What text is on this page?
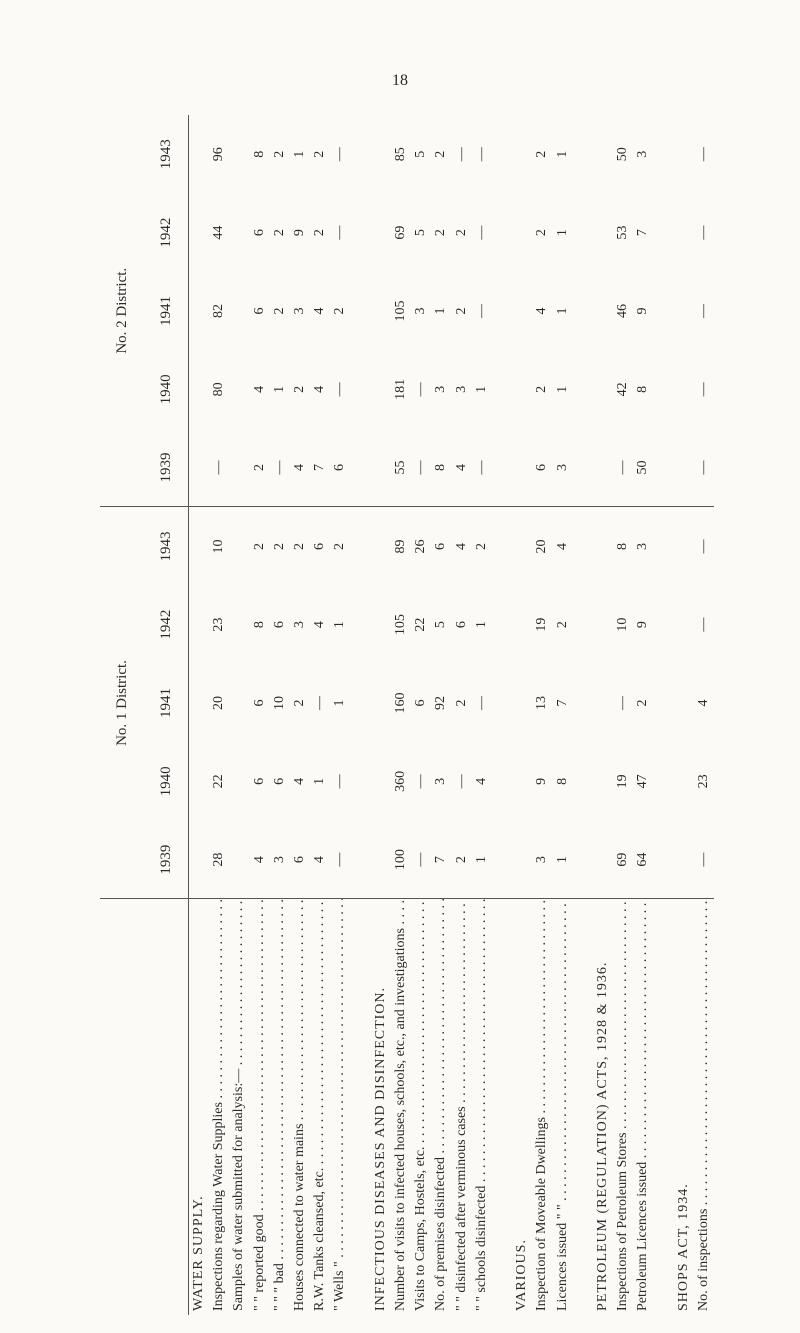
18
	No. 1 District.					No. 2 District.				
	1939	1940	1941	1942	1943	1939	1940	1941	1942	1943
WATER SUPPLY.										
Inspections regarding Water Supplies . . .	28	22	20	23	10	—	80	82	44	96
Samples of water submitted for analysis:— . . .										
" " reported good . . .	4	6	6	8	2	2	4	6	6	8
" " " bad . . .	3	6	10	6	2	—	1	2	2	2
Houses connected to water mains . . .	6	4	2	3	2	4	2	3	9	1
R.W. Tanks cleansed, etc. . . .	4	1	—	4	6	7	4	4	2	2
" Wells " . . .	—	—	1	1	2	6	—	2	—	—

INFECTIOUS DISEASES AND DISINFECTION.										
Number of visits to infected houses, schools, etc., and investigations . . .	100	360	160	105	89	55	181	105	69	85
Visits to Camps, Hostels, etc. . . .	—	—	6	22	26	—	—	3	5	5
No. of premises disinfected . . .	7	3	92	5	6	8	3	1	2	2
" " disinfected after verminous cases . . .	2	—	2	6	4	4	3	2	2	—
" " schools disinfected . . .	1	4	—	1	2	—	1	—	—	—

VARIOUS.										
Inspection of Moveable Dwellings . . .	3	9	13	19	20	6	2	4	2	2
Licences issued " " . . .	1	8	7	2	4	3	1	1	1	1

PETROLEUM (REGULATION) ACTS, 1928 & 1936.										
Inspections of Petroleum Stores . . .	69	19	—	10	8	—	42	46	53	50
Petroleum Licences issued . . .	64	47	2	9	3	50	8	9	7	3

SHOPS ACT, 1934.										
No. of inspections . . .	—	23	4	—	—	—	—	—	—	—
